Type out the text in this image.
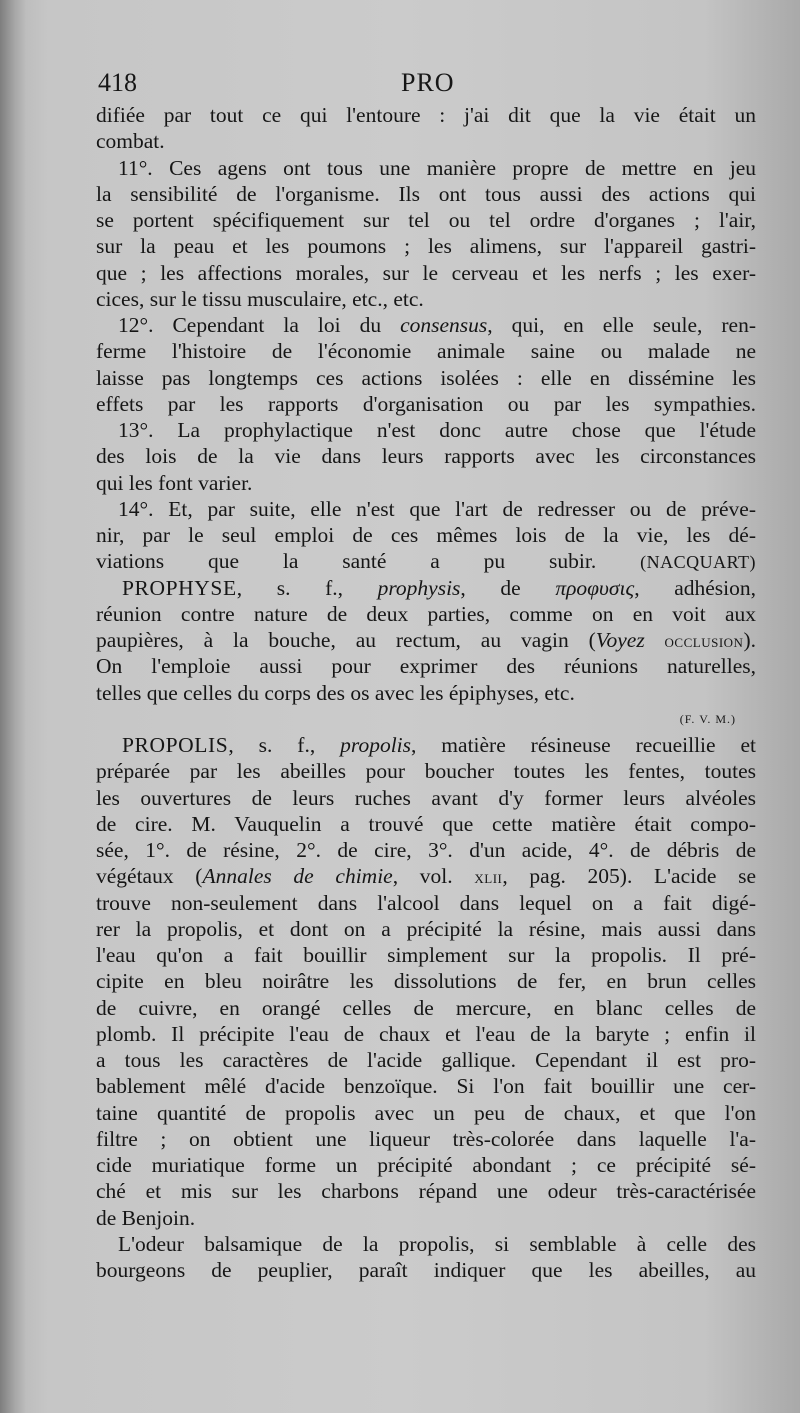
418	PRO
difiée par tout ce qui l'entoure : j'ai dit que la vie était un
combat.
11°. Ces agens ont tous une manière propre de mettre en jeu
la sensibilité de l'organisme. Ils ont tous aussi des actions qui
se portent spécifiquement sur tel ou tel ordre d'organes ; l'air,
sur la peau et les poumons ; les alimens, sur l'appareil gastri-
que ; les affections morales, sur le cerveau et les nerfs ; les exer-
cices, sur le tissu musculaire, etc., etc.
12°. Cependant la loi du consensus, qui, en elle seule, ren-
ferme l'histoire de l'économie animale saine ou malade ne
laisse pas longtemps ces actions isolées : elle en dissémine les
effets par les rapports d'organisation ou par les sympathies.
13°. La prophylactique n'est donc autre chose que l'étude
des lois de la vie dans leurs rapports avec les circonstances
qui les font varier.
14°. Et, par suite, elle n'est que l'art de redresser ou de préve-
nir, par le seul emploi de ces mêmes lois de la vie, les dé-
viations que la santé a pu subir. (NACQUART)
PROPHYSE, s. f., prophysis, de προφυσις, adhésion,
réunion contre nature de deux parties, comme on en voit aux
paupières, à la bouche, au rectum, au vagin (Voyez occlusion).
On l'emploie aussi pour exprimer des réunions naturelles,
telles que celles du corps des os avec les épiphyses, etc.
(F. V. M.)
PROPOLIS, s. f., propolis, matière résineuse recueillie et
préparée par les abeilles pour boucher toutes les fentes, toutes
les ouvertures de leurs ruches avant d'y former leurs alvéoles
de cire. M. Vauquelin a trouvé que cette matière était compo-
sée, 1°. de résine, 2°. de cire, 3°. d'un acide, 4°. de débris de
végétaux (Annales de chimie, vol. xlii, pag. 205). L'acide se
trouve non-seulement dans l'alcool dans lequel on a fait digé-
rer la propolis, et dont on a précipité la résine, mais aussi dans
l'eau qu'on a fait bouillir simplement sur la propolis. Il pré-
cipite en bleu noirâtre les dissolutions de fer, en brun celles
de cuivre, en orangé celles de mercure, en blanc celles de
plomb. Il précipite l'eau de chaux et l'eau de la baryte ; enfin il
a tous les caractères de l'acide gallique. Cependant il est pro-
bablement mêlé d'acide benzoïque. Si l'on fait bouillir une cer-
taine quantité de propolis avec un peu de chaux, et que l'on
filtre ; on obtient une liqueur très-colorée dans laquelle l'a-
cide muriatique forme un précipité abondant ; ce précipité sé-
ché et mis sur les charbons répand une odeur très-caractérisée
de Benjoin.
L'odeur balsamique de la propolis, si semblable à celle des
bourgeons de peuplier, paraît indiquer que les abeilles, au
